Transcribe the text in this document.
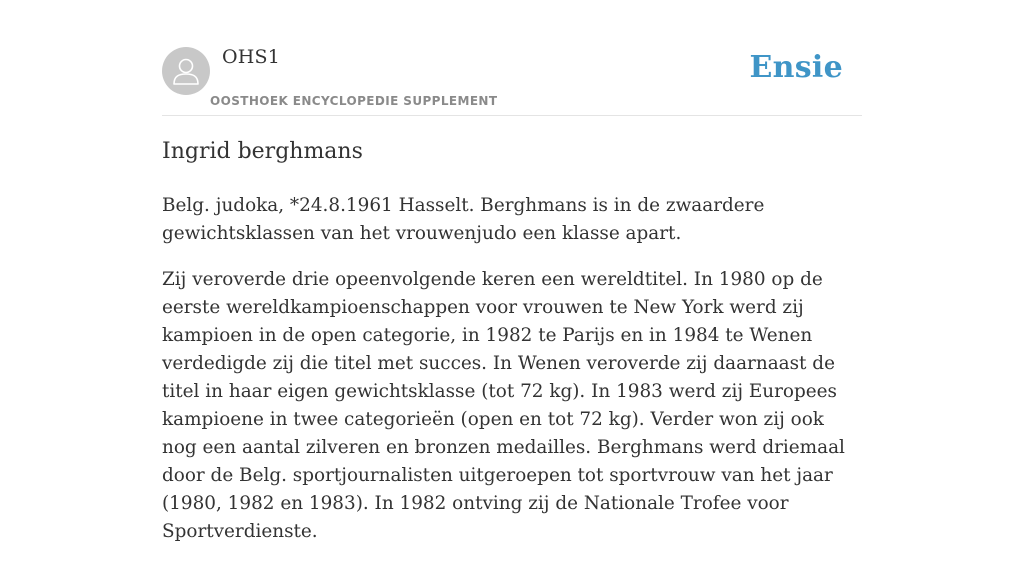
OHS1
OOSTHOEK ENCYCLOPEDIE SUPPLEMENT
Ensie
Ingrid berghmans

Belg. judoka, *24.8.1961 Hasselt. Berghmans is in de zwaardere gewichtsklassen van het vrouwenjudo een klasse apart.

Zij veroverde drie opeenvolgende keren een wereldtitel. In 1980 op de eerste wereldkampioenschappen voor vrouwen te New York werd zij kampioen in de open categorie, in 1982 te Parijs en in 1984 te Wenen verdedigde zij die titel met succes. In Wenen veroverde zij daarnaast de titel in haar eigen gewichtsklasse (tot 72 kg). In 1983 werd zij Europees kampioene in twee categorieën (open en tot 72 kg). Verder won zij ook nog een aantal zilveren en bronzen medailles. Berghmans werd driemaal door de Belg. sportjournalisten uitgeroepen tot sportvrouw van het jaar (1980, 1982 en 1983). In 1982 ontving zij de Nationale Trofee voor Sportverdienste.
